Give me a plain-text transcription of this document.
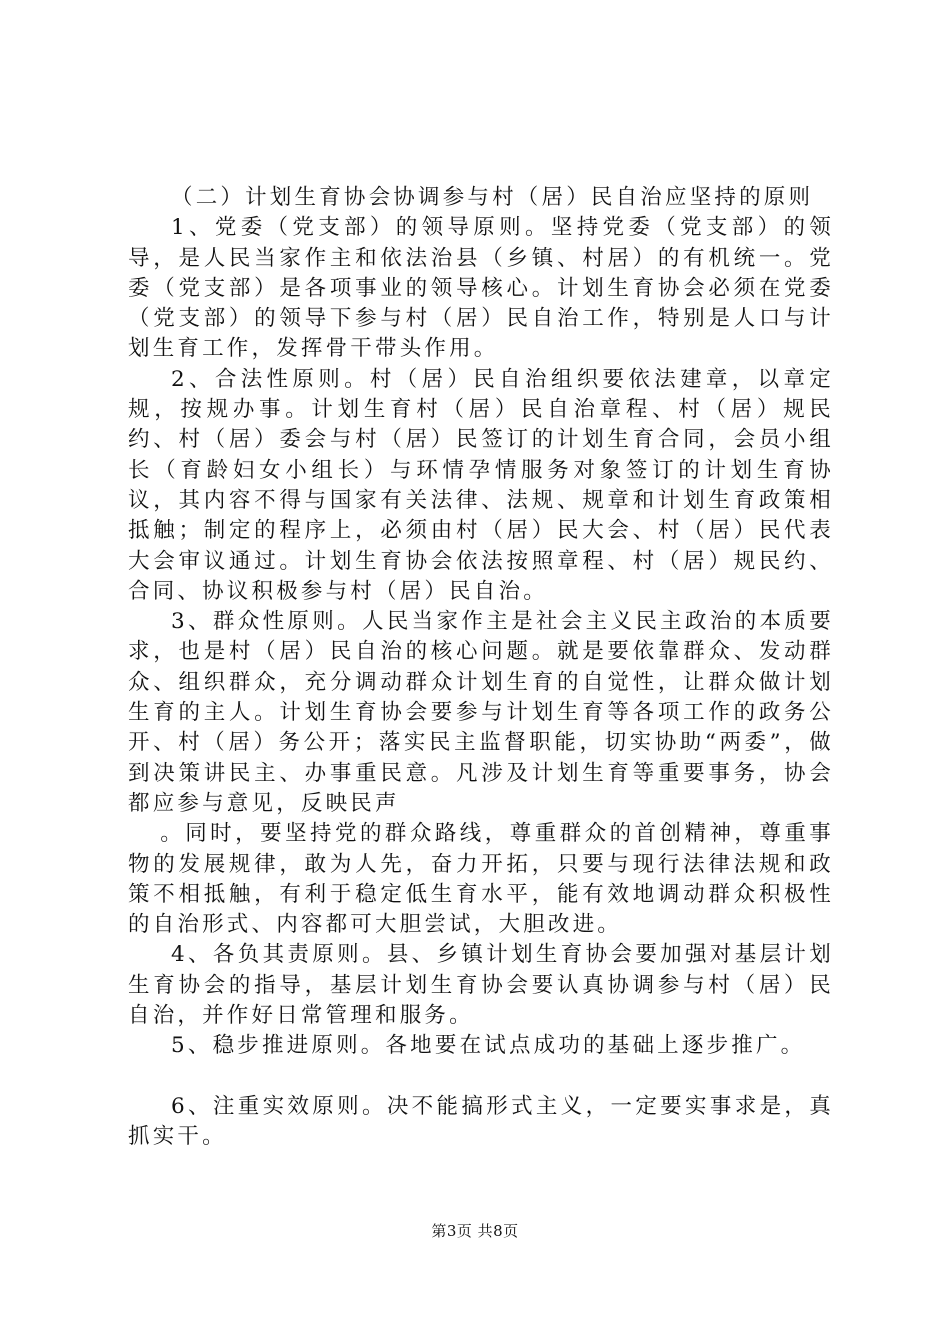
（二）计划生育协会协调参与村（居）民自治应坚持的原则

1、党委（党支部）的领导原则。坚持党委（党支部）的领导，是人民当家作主和依法治县（乡镇、村居）的有机统一。党委（党支部）是各项事业的领导核心。计划生育协会必须在党委（党支部）的领导下参与村（居）民自治工作，特别是人口与计划生育工作，发挥骨干带头作用。

2、合法性原则。村（居）民自治组织要依法建章，以章定规，按规办事。计划生育村（居）民自治章程、村（居）规民约、村（居）委会与村（居）民签订的计划生育合同，会员小组长（育龄妇女小组长）与环情孕情服务对象签订的计划生育协议，其内容不得与国家有关法律、法规、规章和计划生育政策相抵触；制定的程序上，必须由村（居）民大会、村（居）民代表大会审议通过。计划生育协会依法按照章程、村（居）规民约、合同、协议积极参与村（居）民自治。

3、群众性原则。人民当家作主是社会主义民主政治的本质要求，也是村（居）民自治的核心问题。就是要依靠群众、发动群众、组织群众，充分调动群众计划生育的自觉性，让群众做计划生育的主人。计划生育协会要参与计划生育等各项工作的政务公开、村（居）务公开；落实民主监督职能，切实协助“两委”，做到决策讲民主、办事重民意。凡涉及计划生育等重要事务，协会都应参与意见，反映民声

。同时，要坚持党的群众路线，尊重群众的首创精神，尊重事物的发展规律，敢为人先，奋力开拓，只要与现行法律法规和政策不相抵触，有利于稳定低生育水平，能有效地调动群众积极性的自治形式、内容都可大胆尝试，大胆改进。

4、各负其责原则。县、乡镇计划生育协会要加强对基层计划生育协会的指导，基层计划生育协会要认真协调参与村（居）民自治，并作好日常管理和服务。

5、稳步推进原则。各地要在试点成功的基础上逐步推广。

6、注重实效原则。决不能搞形式主义，一定要实事求是，真抓实干。

第3页 共8页
